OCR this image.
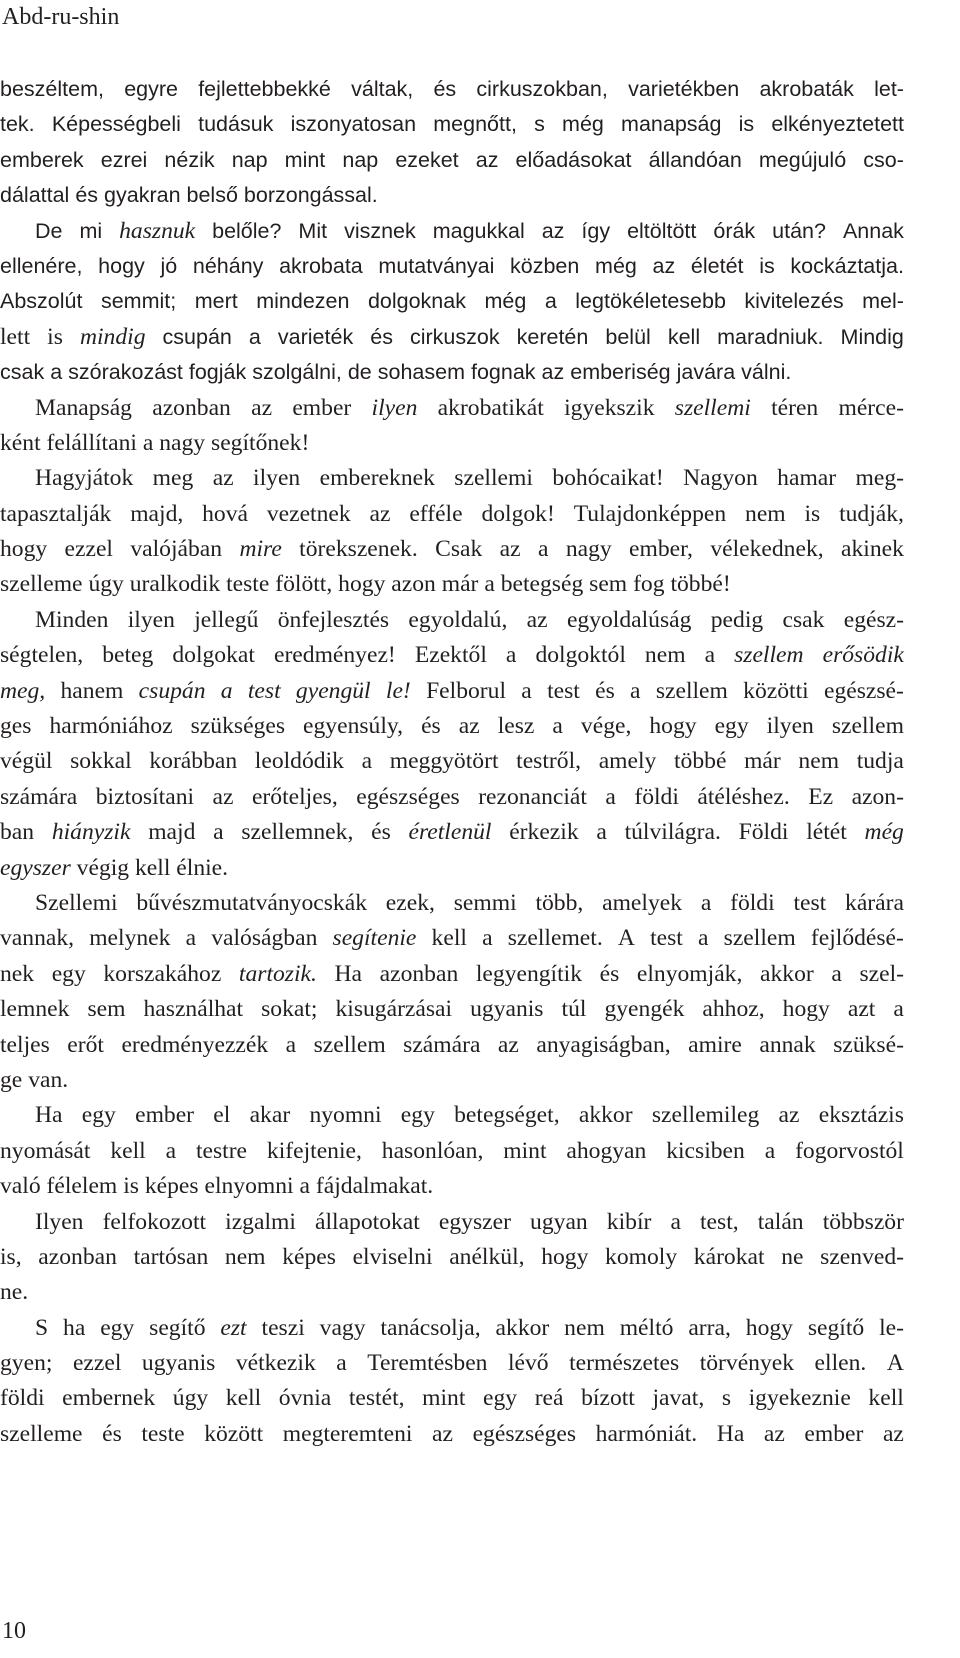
Abd-ru-shin
beszéltem, egyre fejlettebbekké váltak, és cirkuszokban, varietékben akrobaták let-
tek. Képességbeli tudásuk iszonyatosan megnőtt, s még manapság is elkényeztetett
emberek ezrei nézik nap mint nap ezeket az előadásokat állandóan megújuló cso-
dálattal
és
gyakran
belső
borzongással.
De mi hasznuk belőle? Mit visznek magukkal az így eltöltött órák után? Annak
ellenére, hogy jó néhány akrobata mutatványai közben még az életét is kockáztatja.
Abszolút semmit; mert mindezen dolgoknak még a legtökéletesebb kivitelezés mel-
lett is mindig csupán a varieték és cirkuszok keretén belül kell maradniuk. Mindig
csak
a
szórakozást
fogják
szolgálni,
de
sohasem
fognak
az
emberiség
javára
válni.
Manapság azonban az ember ilyen akrobatikát igyekszik szellemi téren mérce-
ként
felállítani
a
nagy
segítőnek!
Hagyjátok meg az ilyen embereknek szellemi bohócaikat! Nagyon hamar meg-
tapasztalják majd, hová vezetnek az efféle dolgok! Tulajdonképpen nem is tudják,
hogy ezzel valójában mire törekszenek. Csak az a nagy ember, vélekednek, akinek
szelleme
úgy
uralkodik
teste
fölött,
hogy
azon
már
a
betegség
sem
fog
többé!
Minden ilyen jellegű önfejlesztés egyoldalú, az egyoldalúság pedig csak egész-
ségtelen, beteg dolgokat eredményez! Ezektől a dolgoktól nem a szellem erősödik
meg, hanem csupán a test gyengül le! Felborul a test és a szellem közötti egészsé-
ges harmóniához szükséges egyensúly, és az lesz a vége, hogy egy ilyen szellem
végül sokkal korábban leoldódik a meggyötört testről, amely többé már nem tudja
számára biztosítani az erőteljes, egészséges rezonanciát a földi átéléshez. Ez azon-
ban hiányzik majd a szellemnek, és éretlenül érkezik a túlvilágra. Földi létét még
egyszer
végig
kell
élnie.
Szellemi bűvészmutatványocskák ezek, semmi több, amelyek a földi test kárára
vannak, melynek a valóságban segítenie kell a szellemet. A test a szellem fejlődésé-
nek egy korszakához tartozik. Ha azonban legyengítik és elnyomják, akkor a szel-
lemnek sem használhat sokat; kisugárzásai ugyanis túl gyengék ahhoz, hogy azt a
teljes erőt eredményezzék a szellem számára az anyagiságban, amire annak szüksé-
ge
van.
Ha egy ember el akar nyomni egy betegséget, akkor szellemileg az eksztázis
nyomását kell a testre kifejtenie, hasonlóan, mint ahogyan kicsiben a fogorvostól
való
félelem
is
képes
elnyomni
a
fájdalmakat.
Ilyen felfokozott izgalmi állapotokat egyszer ugyan kibír a test, talán többször
is, azonban tartósan nem képes elviselni anélkül, hogy komoly károkat ne szenved-
ne.
S ha egy segítő ezt teszi vagy tanácsolja, akkor nem méltó arra, hogy segítő le-
gyen; ezzel ugyanis vétkezik a Teremtésben lévő természetes törvények ellen. A
földi embernek úgy kell óvnia testét, mint egy reá bízott javat, s igyekeznie kell
szelleme és teste között megteremteni az egészséges harmóniát. Ha az ember az
10
